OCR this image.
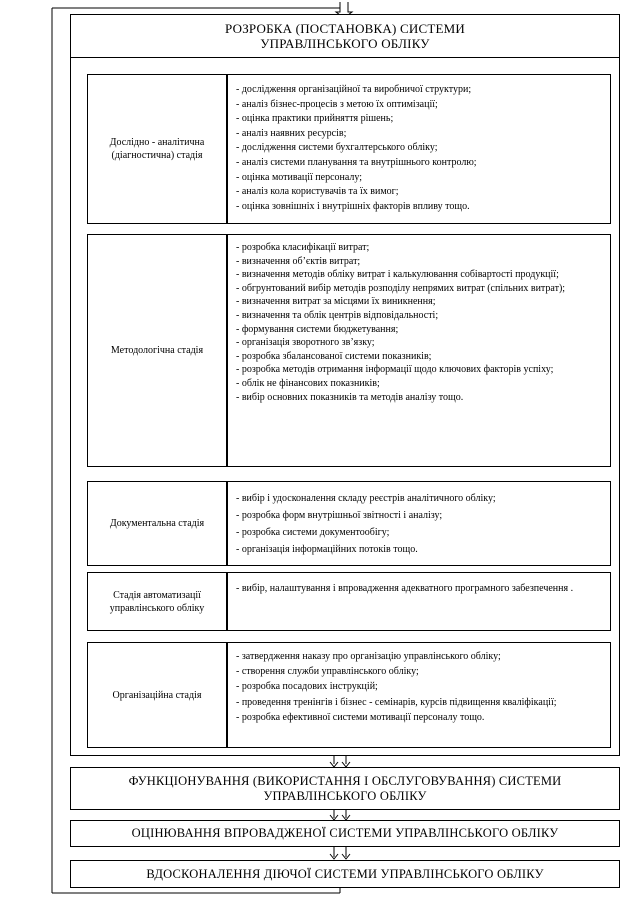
РОЗРОБКА (ПОСТАНОВКА) СИСТЕМИ
УПРАВЛІНСЬКОГО ОБЛІКУ
Дослідно - аналітична (діагностична) стадія
- дослідження організаційної та виробничої структури;
- аналіз бізнес-процесів з метою їх оптимізації;
- оцінка практики прийняття рішень;
- аналіз наявних ресурсів;
- дослідження системи бухгалтерського обліку;
- аналіз системи планування та внутрішнього контролю;
- оцінка мотивації персоналу;
- аналіз кола користувачів та їх вимог;
- оцінка зовнішніх і внутрішніх факторів впливу тощо.
Методологічна стадія
- розробка класифікації витрат;
- визначення об’єктів витрат;
- визначення методів обліку витрат і калькулювання собівартості продукції;
- обгрунтований вибір методів розподілу непрямих витрат (спільних витрат);
- визначення витрат за місцями їх виникнення;
- визначення та облік центрів відповідальності;
- формування системи бюджетування;
- організація зворотного зв’язку;
- розробка збалансованої системи показників;
- розробка методів отримання інформації щодо ключових факторів успіху;
- облік не фінансових показників;
- вибір основних показників та методів аналізу тощо.
Документальна стадія
- вибір і удосконалення складу реєстрів аналітичного обліку;
- розробка форм внутрішньої звітності і аналізу;
- розробка системи документообігу;
- організація інформаційних потоків тощо.
Стадія автоматизації управлінського обліку
- вибір, налаштування і впровадження адекватного програмного забезпечення .
Організаційна стадія
- затвердження наказу про організацію управлінського обліку;
- створення служби управлінського обліку;
- розробка посадових інструкцій;
- проведення тренінгів і бізнес - семінарів, курсів підвищення кваліфікації;
- розробка ефективної системи мотивації персоналу тощо.
ФУНКЦІОНУВАННЯ (ВИКОРИСТАННЯ І ОБСЛУГОВУВАННЯ) СИСТЕМИ
УПРАВЛІНСЬКОГО ОБЛІКУ
ОЦІНЮВАННЯ ВПРОВАДЖЕНОЇ СИСТЕМИ УПРАВЛІНСЬКОГО ОБЛІКУ
ВДОСКОНАЛЕННЯ ДІЮЧОЇ СИСТЕМИ УПРАВЛІНСЬКОГО ОБЛІКУ
